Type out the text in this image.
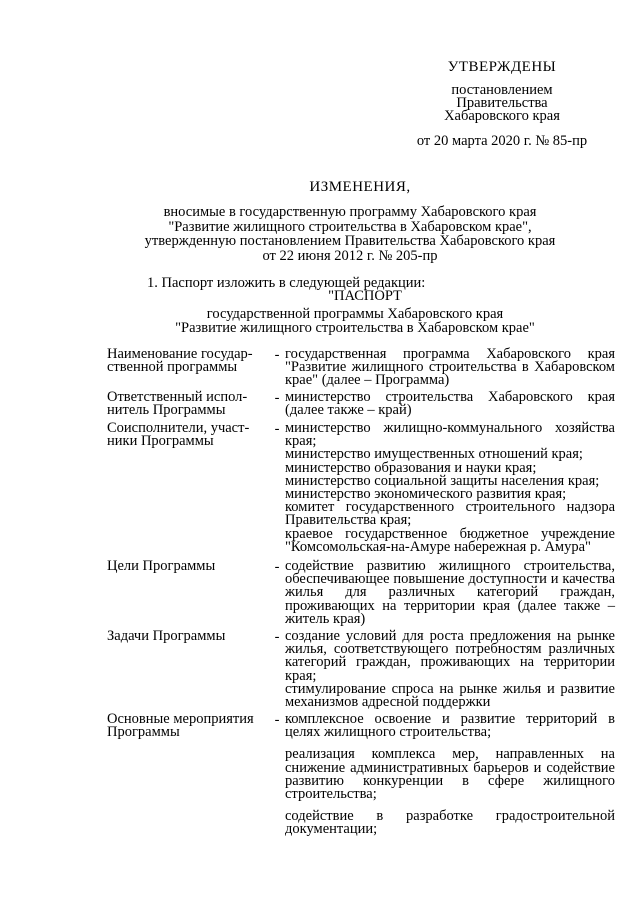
УТВЕРЖДЕНЫ
постановлением
Правительства
Хабаровского края
от 20 марта 2020 г. № 85-пр
ИЗМЕНЕНИЯ,
вносимые в государственную программу Хабаровского края
"Развитие жилищного строительства в Хабаровском крае",
утвержденную постановлением Правительства Хабаровского края
от 22 июня 2012 г. № 205-пр
1. Паспорт изложить в следующей редакции:
"ПАСПОРТ
государственной программы Хабаровского края
"Развитие жилищного строительства в Хабаровском крае"
Наименование государ-ственной программы
- государственная программа Хабаровского края "Развитие жилищного строительства в Хабаровском крае" (далее – Программа)
Ответственный испол-нитель Программы
- министерство строительства Хабаровского края (далее также – край)
Соисполнители, участ-ники Программы
- министерство жилищно-коммунального хозяйства края;
министерство имущественных отношений края;
министерство образования и науки края;
министерство социальной защиты населения края;
министерство экономического развития края;
комитет государственного строительного надзора Правительства края;
краевое государственное бюджетное учреждение "Комсомольская-на-Амуре набережная р. Амура"
Цели Программы	- содействие развитию жилищного строительства, обеспечивающее повышение доступности и качества жилья для различных категорий граждан, проживающих на территории края (далее также – житель края)
Задачи Программы	- создание условий для роста предложения на рынке жилья, соответствующего потребностям различных категорий граждан, проживающих на территории края;
стимулирование спроса на рынке жилья и развитие механизмов адресной поддержки
Основные мероприятия Программы
- комплексное освоение и развитие территорий в целях жилищного строительства;
реализация комплекса мер, направленных на снижение административных барьеров и содействие развитию конкуренции в сфере жилищного строительства;
содействие в разработке градостроительной документации;
